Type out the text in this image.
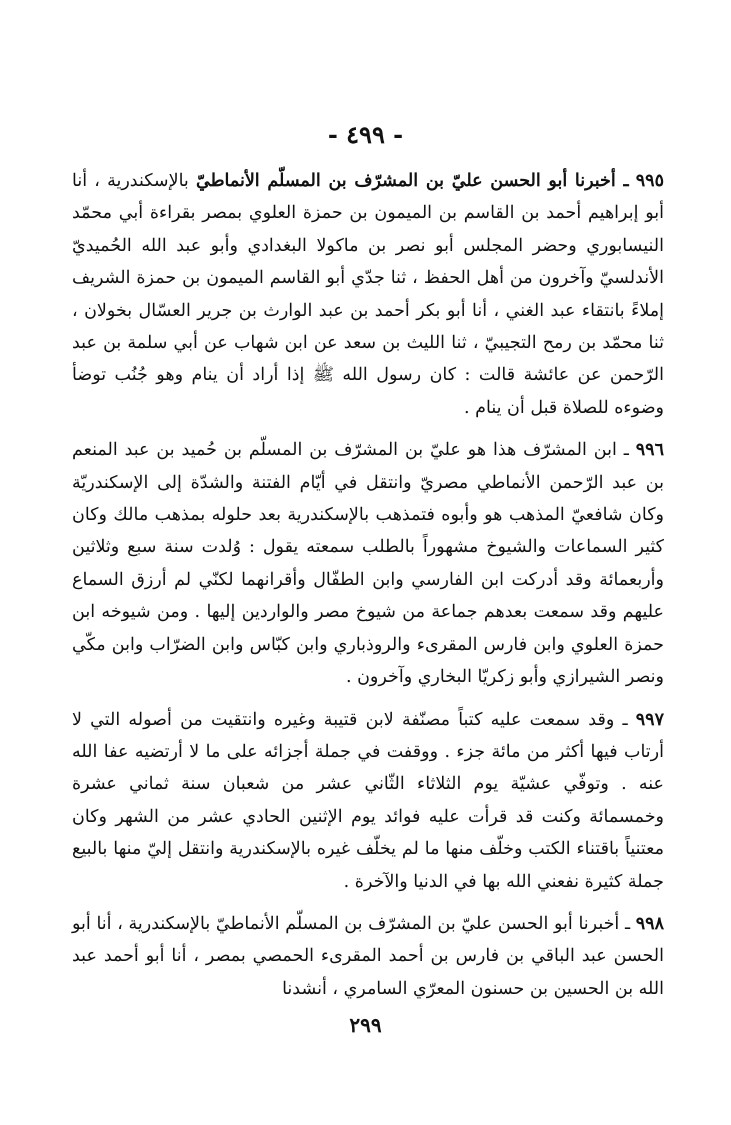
- ٤٩٩ -

٩٩٥ ـ أخبرنا أبو الحسن عليّ بن المشرّف بن المسلّم الأنماطيّ بالإسكندرية ، أنا أبو إبراهيم أحمد بن القاسم بن الميمون بن حمزة العلوي بمصر بقراءة أبي محمّد النيسابوري وحضر المجلس أبو نصر بن ماكولا البغدادي وأبو عبد الله الحُميديّ الأندلسيّ وآخرون من أهل الحفظ ، ثنا جدّي أبو القاسم الميمون بن حمزة الشريف إملاءً بانتقاء عبد الغني ، أنا أبو بكر أحمد بن عبد الوارث بن جرير العسّال بخولان ، ثنا محمّد بن رمح التجيبيّ ، ثنا الليث بن سعد عن ابن شهاب عن أبي سلمة بن عبد الرّحمن عن عائشة قالت : كان رسول الله ﷺ إذا أراد أن ينام وهو جُنُب توضأ وضوءه للصلاة قبل أن ينام .

٩٩٦ ـ ابن المشرّف هذا هو عليّ بن المشرّف بن المسلّم بن حُميد بن عبد المنعم بن عبد الرّحمن الأنماطي مصريّ وانتقل في أيّام الفتنة والشدّة إلى الإسكندريّة وكان شافعيّ المذهب هو وأبوه فتمذهب بالإسكندرية بعد حلوله بمذهب مالك وكان كثير السماعات والشيوخ مشهوراً بالطلب سمعته يقول : وُلدت سنة سبع وثلاثين وأربعمائة وقد أدركت ابن الفارسي وابن الطفّال وأقرانهما لكنّي لم أرزق السماع عليهم وقد سمعت بعدهم جماعة من شيوخ مصر والواردين إليها . ومن شيوخه ابن حمزة العلوي وابن فارس المقرىء والروذباري وابن كبّاس وابن الضرّاب وابن مكّي ونصر الشيرازي وأبو زكريّا البخاري وآخرون .

٩٩٧ ـ وقد سمعت عليه كتباً مصنّفة لابن قتيبة وغيره وانتقيت من أصوله التي لا أرتاب فيها أكثر من مائة جزء . ووقفت في جملة أجزائه على ما لا أرتضيه عفا الله عنه . وتوفّي عشيّة يوم الثلاثاء الثّاني عشر من شعبان سنة ثماني عشرة وخمسمائة وكنت قد قرأت عليه فوائد يوم الإثنين الحادي عشر من الشهر وكان معتنياً باقتناء الكتب وخلّف منها ما لم يخلّف غيره بالإسكندرية وانتقل إليّ منها بالبيع جملة كثيرة نفعني الله بها في الدنيا والآخرة .

٩٩٨ ـ أخبرنا أبو الحسن عليّ بن المشرّف بن المسلّم الأنماطيّ بالإسكندرية ، أنا أبو الحسن عبد الباقي بن فارس بن أحمد المقرىء الحمصي بمصر ، أنا أبو أحمد عبد الله بن الحسين بن حسنون المعرّي السامري ، أنشدنا

٢٩٩
